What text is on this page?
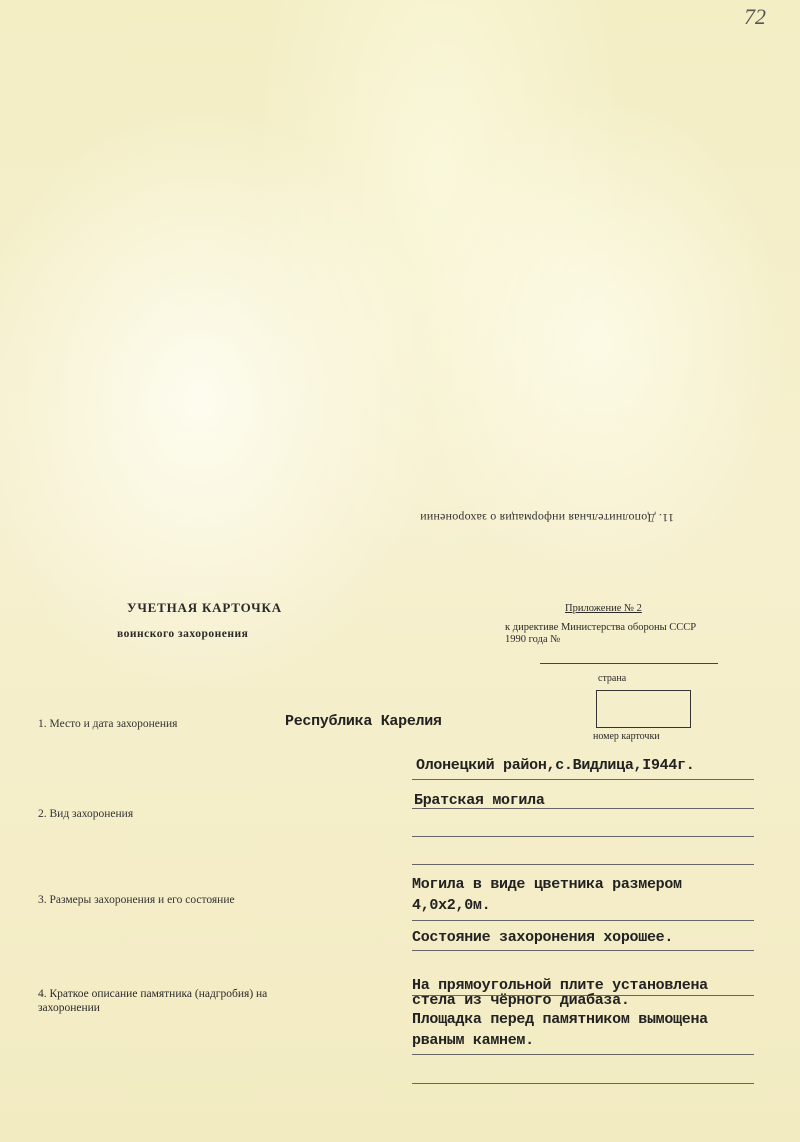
72
11. Дополнительная информация о захоронении
УЧЕТНАЯ КАРТОЧКА
воинского захоронения
Приложение № 2
к директиве Министерства обороны СССР
1990 года №
страна
номер карточки
1. Место и дата захоронения	Республика Карелия
Олонецкий район,с.Видлица,I944г.
2. Вид захоронения
Братская могила
3. Размеры захоронения и его состояние
Могила в виде цветника размером
4,0х2,0м.
Состояние захоронения хорошее.
4. Краткое описание памятника (надгробия) на
захоронении
На прямоугольной плите установлена
стела из чёрного диабаза.
Площадка перед памятником вымощена
рваным камнем.
